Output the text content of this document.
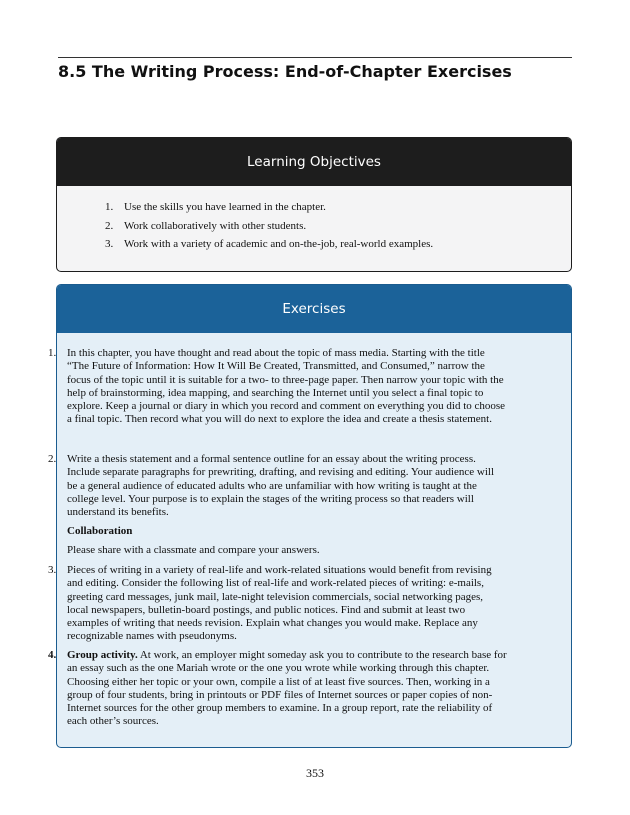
8.5 The Writing Process: End-of-Chapter Exercises
Learning Objectives
1. Use the skills you have learned in the chapter.
2. Work collaboratively with other students.
3. Work with a variety of academic and on-the-job, real-world examples.
Exercises
1. In this chapter, you have thought and read about the topic of mass media. Starting with the title “The Future of Information: How It Will Be Created, Transmitted, and Consumed,” narrow the focus of the topic until it is suitable for a two- to three-page paper. Then narrow your topic with the help of brainstorming, idea mapping, and searching the Internet until you select a final topic to explore. Keep a journal or diary in which you record and comment on everything you did to choose a final topic. Then record what you will do next to explore the idea and create a thesis statement.

2. Write a thesis statement and a formal sentence outline for an essay about the writing process. Include separate paragraphs for prewriting, drafting, and revising and editing. Your audience will be a general audience of educated adults who are unfamiliar with how writing is taught at the college level. Your purpose is to explain the stages of the writing process so that readers will understand its benefits.

Collaboration
Please share with a classmate and compare your answers.
3. Pieces of writing in a variety of real-life and work-related situations would benefit from revising and editing. Consider the following list of real-life and work-related pieces of writing: e-mails, greeting card messages, junk mail, late-night television commercials, social networking pages, local newspapers, bulletin-board postings, and public notices. Find and submit at least two examples of writing that needs revision. Explain what changes you would make. Replace any recognizable names with pseudonyms.

4. Group activity. At work, an employer might someday ask you to contribute to the research base for an essay such as the one Mariah wrote or the one you wrote while working through this chapter. Choosing either her topic or your own, compile a list of at least five sources. Then, working in a group of four students, bring in printouts or PDF files of Internet sources or paper copies of non-Internet sources for the other group members to examine. In a group report, rate the reliability of each other’s sources.

353
